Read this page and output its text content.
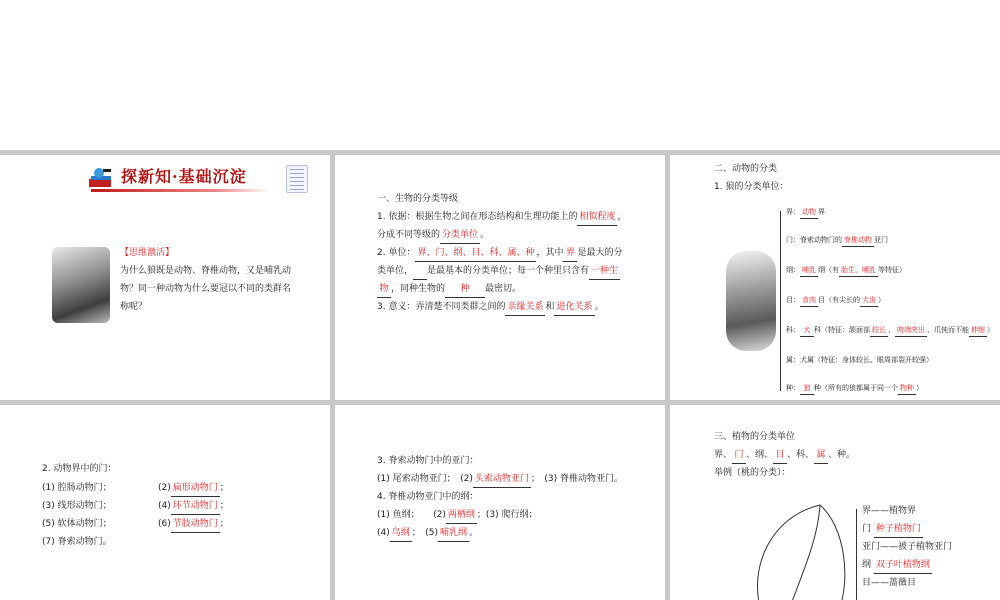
探新知·基础沉淀
【思维激活】
为什么狼既是动物、脊椎动物，又是哺乳动
物？同一种动物为什么要冠以不同的类群名
称呢？
一、生物的分类等级
1. 依据：根据生物之间在形态结构和生理功能上的 相似程度 ，
分成不同等级的 分类单位 。
2. 单位： 界、门、纲、目、科、属、种 ，其中 界 是最大的分
类单位， 是最基本的分类单位；每一个种里只含有 一种生
物 ，同种生物的 种 最密切。
3. 意义：弄清楚不同类群之间的 亲缘关系 和 进化关系 。
二、动物的分类
1. 狼的分类单位：
界： 动物 界
门：脊索动物门的 脊椎动物 亚门
纲： 哺乳 纲（有 胎生、哺乳 等特征）
目： 食肉 目（有尖长的 犬齿 ）
科： 犬 科（特征：颌面部 较长 、 吻端突出 、爪钝而不能 伸缩 ）
属：犬属（特征：身体较长、眼周部裂开较强）
种： 狼 种（所有的狼都属于同一个 物种 ）
2. 动物界中的门：
(1) 腔肠动物门；	(2) 扁形动物门 ；
(3) 线形动物门；	(4) 环节动物门 ；
(5) 软体动物门；	(6) 节肢动物门 ；
(7) 脊索动物门。
3. 脊索动物门中的亚门：
(1) 尾索动物亚门；　(2) 头索动物亚门 ；　(3) 脊椎动物亚门。
4. 脊椎动物亚门中的纲：
(1) 鱼纲；　　(2) 两栖纲 ；(3) 爬行纲；
(4) 鸟纲 ；　(5) 哺乳纲 。
三、植物的分类单位
界、 门 、纲、 目 、科、 属 、种。
举例（桃的分类）：
界——植物界
门 种子植物门
亚门——被子植物亚门
纲 双子叶植物纲
目——蔷薇目
